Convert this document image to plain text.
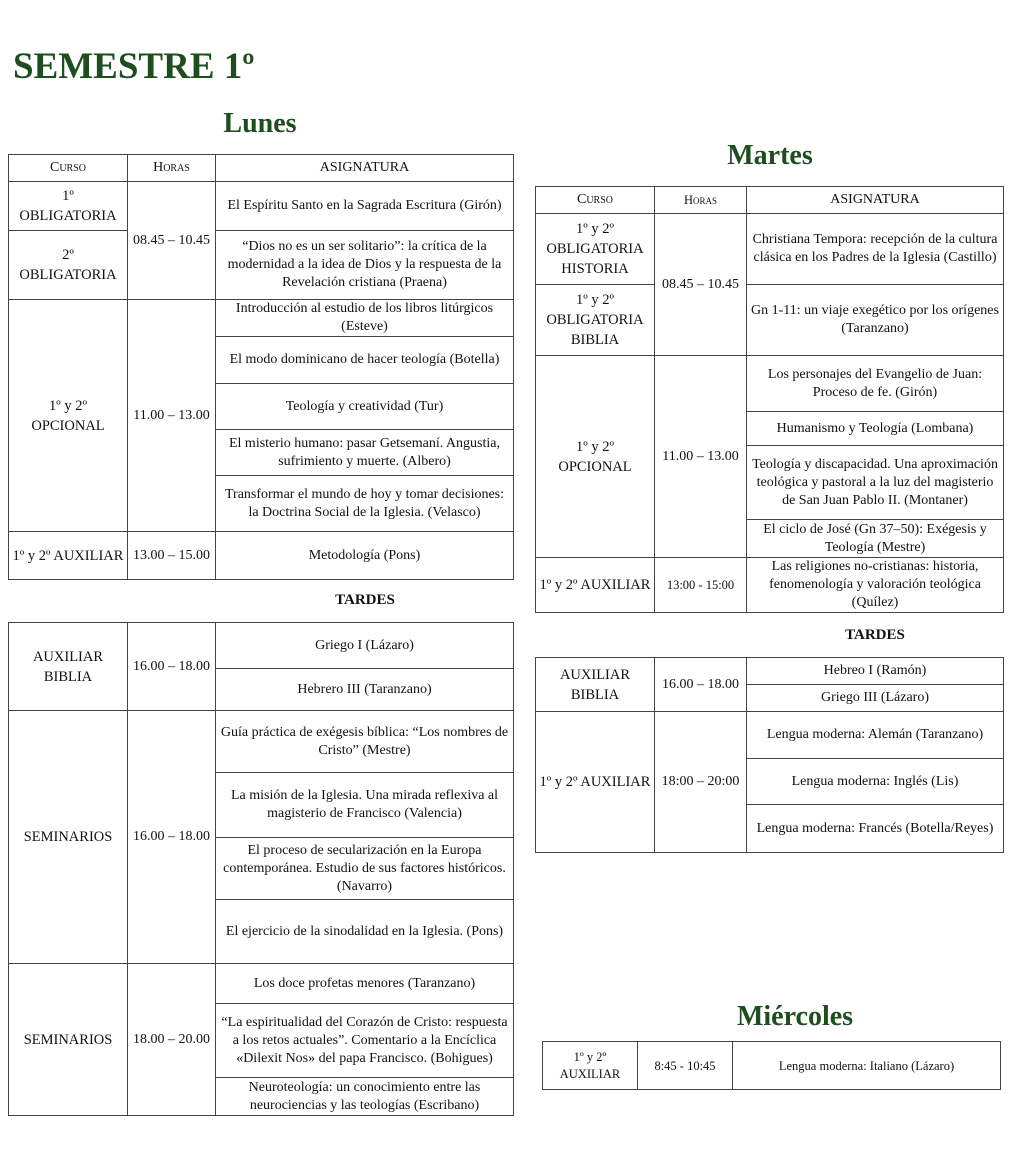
SEMESTRE 1º
Lunes
Curso	Horas	ASIGNATURA
1º OBLIGATORIA	08.45 – 10.45	El Espíritu Santo en la Sagrada Escritura (Girón)
2º OBLIGATORIA		“Dios no es un ser solitario”: la crítica de la modernidad a la idea de Dios y la respuesta de la Revelación cristiana (Praena)
1º y 2º OPCIONAL	11.00 – 13.00	Introducción al estudio de los libros litúrgicos (Esteve)
		El modo dominicano de hacer teología (Botella)
		Teología y creatividad (Tur)
		El misterio humano: pasar Getsemaní. Angustia, sufrimiento y muerte. (Albero)
		Transformar el mundo de hoy y tomar decisiones: la Doctrina Social de la Iglesia. (Velasco)
1º y 2º AUXILIAR	13.00 – 15.00	Metodología (Pons)
TARDES
AUXILIAR BIBLIA	16.00 – 18.00	Griego I (Lázaro)
		Hebrero III (Taranzano)
SEMINARIOS	16.00 – 18.00	Guía práctica de exégesis bíblica: “Los nombres de Cristo” (Mestre)
		La misión de la Iglesia. Una mirada reflexiva al magisterio de Francisco (Valencia)
		El proceso de secularización en la Europa contemporánea. Estudio de sus factores históricos. (Navarro)
		El ejercicio de la sinodalidad en la Iglesia. (Pons)
SEMINARIOS	18.00 – 20.00	Los doce profetas menores (Taranzano)
		“La espiritualidad del Corazón de Cristo: respuesta a los retos actuales”. Comentario a la Encíclica «Dilexit Nos» del papa Francisco. (Bohigues)
		Neuroteología: un conocimiento entre las neurociencias y las teologías (Escribano)
Martes
Curso	Horas	ASIGNATURA
1º y 2º OBLIGATORIA HISTORIA	08.45 – 10.45	Christiana Tempora: recepción de la cultura clásica en los Padres de la Iglesia (Castillo)
1º y 2º OBLIGATORIA BIBLIA		Gn 1-11: un viaje exegético por los orígenes (Taranzano)
1º y 2º OPCIONAL	11.00 – 13.00	Los personajes del Evangelio de Juan: Proceso de fe. (Girón)
		Humanismo y Teología (Lombana)
		Teología y discapacidad. Una aproximación teológica y pastoral a la luz del magisterio de San Juan Pablo II. (Montaner)
		El ciclo de José (Gn 37–50): Exégesis y Teología (Mestre)
1º y 2º AUXILIAR	13:00 - 15:00	Las religiones no-cristianas: historia, fenomenología y valoración teológica (Quílez)
TARDES
AUXILIAR BIBLIA	16.00 – 18.00	Hebreo I (Ramón)
		Griego III (Lázaro)
1º y 2º AUXILIAR	18:00 – 20:00	Lengua moderna: Alemán (Taranzano)
		Lengua moderna: Inglés (Lis)
		Lengua moderna: Francés (Botella/Reyes)
Miércoles
1º y 2º AUXILIAR	8:45 - 10:45	Lengua moderna: Italiano (Lázaro)
